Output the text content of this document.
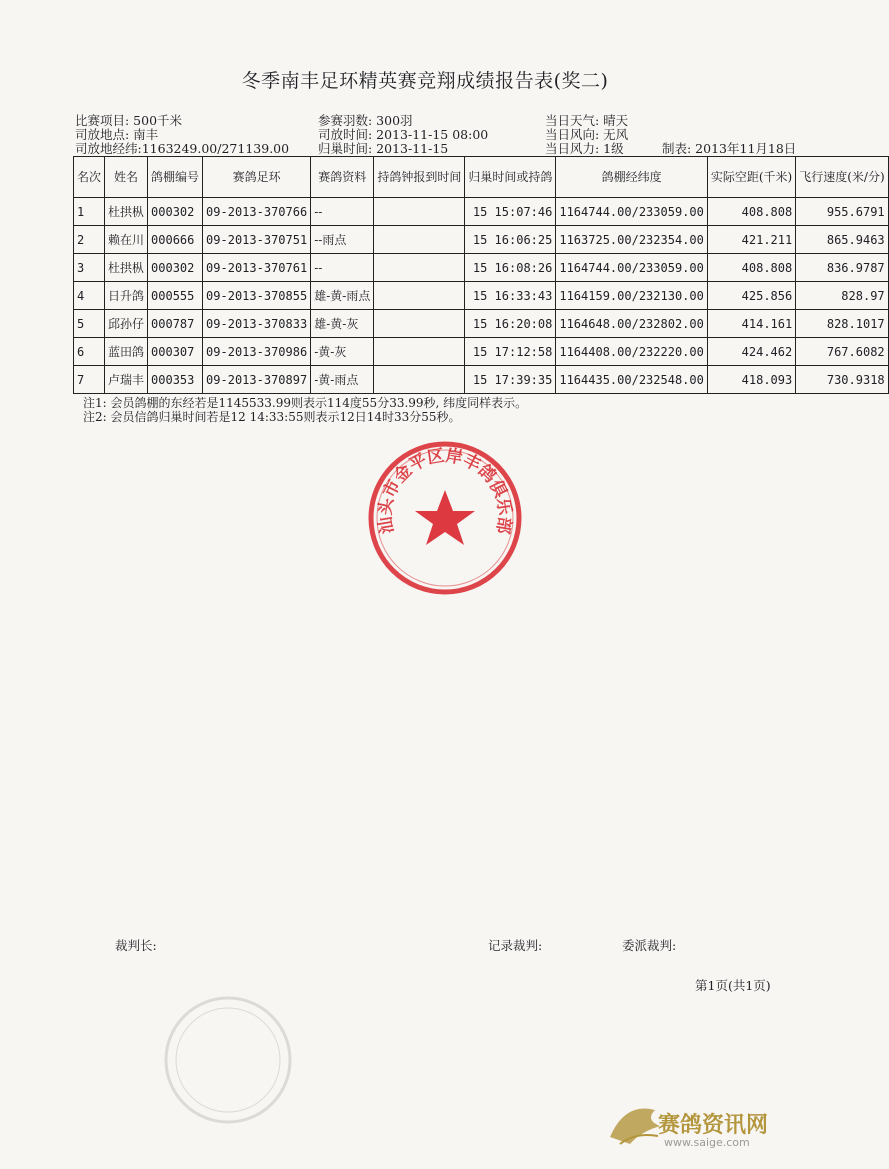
冬季南丰足环精英赛竞翔成绩报告表(奖二)
比赛项目: 500千米	参赛羽数: 300羽	当日天气: 晴天
司放地点: 南丰	司放时间: 2013-11-15 08:00	当日风向: 无风
司放地经纬:1163249.00/271139.00 归巢时间: 2013-11-15	当日风力: 1级	制表: 2013年11月18日
名次	姓名	鸽棚编号	赛鸽足环	赛鸽资料	持鸽钟报到时间	归巢时间或持鸽	鸽棚经纬度	实际空距(千米)	飞行速度(米/分)
1	杜拱枞	000302	09-2013-370766	--		15 15:07:46	1164744.00/233059.00	408.808	955.6791
2	赖在川	000666	09-2013-370751	--雨点		15 16:06:25	1163725.00/232354.00	421.211	865.9463
3	杜拱枞	000302	09-2013-370761	--		15 16:08:26	1164744.00/233059.00	408.808	836.9787
4	日升鸽	000555	09-2013-370855	雄-黄-雨点		15 16:33:43	1164159.00/232130.00	425.856	828.97
5	邱孙仔	000787	09-2013-370833	雄-黄-灰		15 16:20:08	1164648.00/232802.00	414.161	828.1017
6	蓝田鸽	000307	09-2013-370986	-黄-灰		15 17:12:58	1164408.00/232220.00	424.462	767.6082
7	卢瑞丰	000353	09-2013-370897	-黄-雨点		15 17:39:35	1164435.00/232548.00	418.093	730.9318
注1: 会员鸽棚的东经若是1145533.99则表示114度55分33.99秒, 纬度同样表示。
注2: 会员信鸽归巢时间若是12 14:33:55则表示12日14时33分55秒。
汕头市金平区岸丰鸽俱乐部
裁判长:	记录裁判:	委派裁判:
第1页(共1页)
赛鸽资讯网
www.saige.com
